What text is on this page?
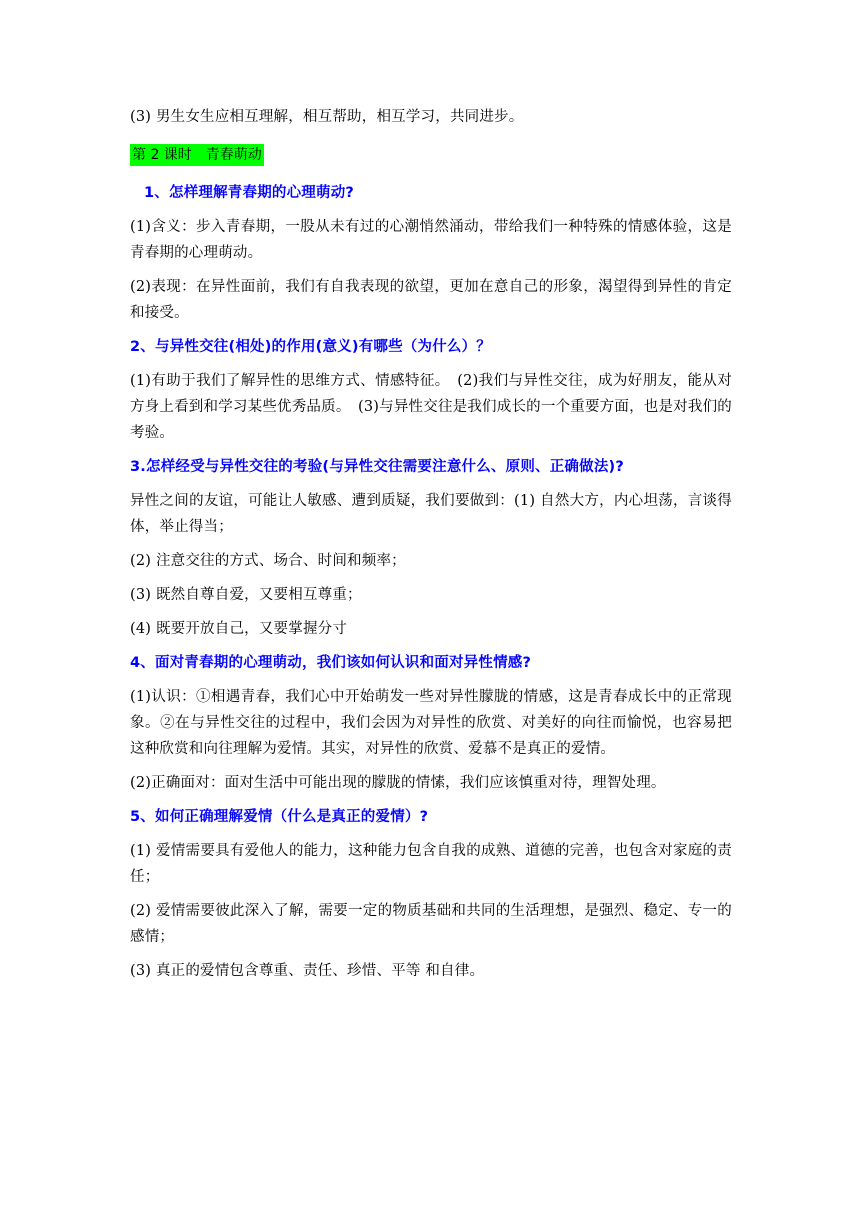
(3) 男生女生应相互理解，相互帮助，相互学习，共同进步。

第 2 课时　青春萌动

1、怎样理解青春期的心理萌动?

(1)含义：步入青春期，一股从未有过的心潮悄然涌动，带给我们一种特殊的情感体验，这是青春期的心理萌动。

(2)表现：在异性面前，我们有自我表现的欲望，更加在意自己的形象，渴望得到异性的肯定和接受。

2、与异性交往(相处)的作用(意义)有哪些（为什么）？

(1)有助于我们了解异性的思维方式、情感特征。　(2)我们与异性交往，成为好朋友，能从对方身上看到和学习某些优秀品质。　(3)与异性交往是我们成长的一个重要方面，也是对我们的考验。

3.怎样经受与异性交往的考验(与异性交往需要注意什么、原则、正确做法)?

异性之间的友谊，可能让人敏感、遭到质疑，我们要做到：(1) 自然大方，内心坦荡，言谈得体，举止得当；

(2) 注意交往的方式、场合、时间和频率；

(3) 既然自尊自爱，又要相互尊重；

(4) 既要开放自己，又要掌握分寸

4、面对青春期的心理萌动，我们该如何认识和面对异性情感?

(1)认识：①相遇青春，我们心中开始萌发一些对异性朦胧的情感，这是青春成长中的正常现象。②在与异性交往的过程中，我们会因为对异性的欣赏、对美好的向往而愉悦，也容易把这种欣赏和向往理解为爱情。其实，对异性的欣赏、爱慕不是真正的爱情。

(2)正确面对：面对生活中可能出现的朦胧的情愫，我们应该慎重对待，理智处理。

5、如何正确理解爱情（什么是真正的爱情）?

(1) 爱情需要具有爱他人的能力，这种能力包含自我的成熟、道德的完善，也包含对家庭的责任；

(2) 爱情需要彼此深入了解，需要一定的物质基础和共同的生活理想，是强烈、稳定、专一的感情；

(3) 真正的爱情包含尊重、责任、珍惜、平等 和自律。
